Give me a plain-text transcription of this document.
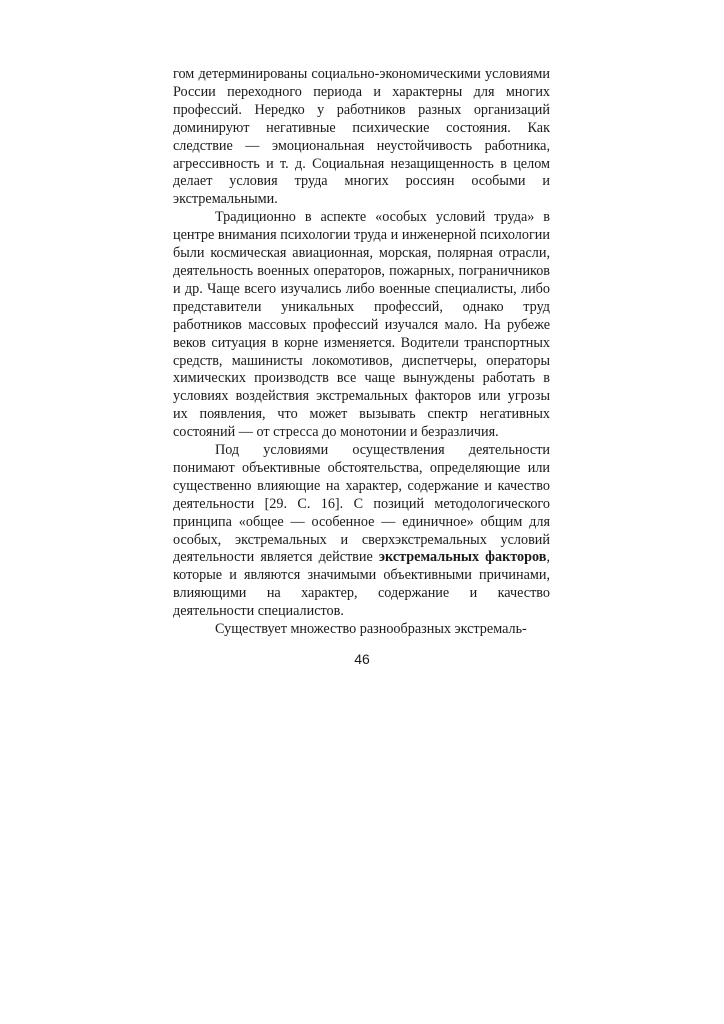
гом детерминированы социально-экономическими условиями России переходного периода и характерны для многих профессий. Нередко у работников разных организаций доминируют негативные психические состояния. Как следствие — эмоциональная неустойчивость работника, агрессивность и т. д. Социальная незащищенность в целом делает условия труда многих россиян особыми и экстремальными.

Традиционно в аспекте «особых условий труда» в центре внимания психологии труда и инженерной психологии были космическая авиационная, морская, полярная отрасли, деятельность военных операторов, пожарных, пограничников и др. Чаще всего изучались либо военные специалисты, либо представители уникальных профессий, однако труд работников массовых профессий изучался мало. На рубеже веков ситуация в корне изменяется. Водители транспортных средств, машинисты локомотивов, диспетчеры, операторы химических производств все чаще вынуждены работать в условиях воздействия экстремальных факторов или угрозы их появления, что может вызывать спектр негативных состояний — от стресса до монотонии и безразличия.

Под условиями осуществления деятельности понимают объективные обстоятельства, определяющие или существенно влияющие на характер, содержание и качество деятельности [29. С. 16]. С позиций методологического принципа «общее — особенное — единичное» общим для особых, экстремальных и сверхэкстремальных условий деятельности является действие экстремальных факторов, которые и являются значимыми объективными причинами, влияющими на характер, содержание и качество деятельности специалистов.

Существует множество разнообразных экстремаль-

46
